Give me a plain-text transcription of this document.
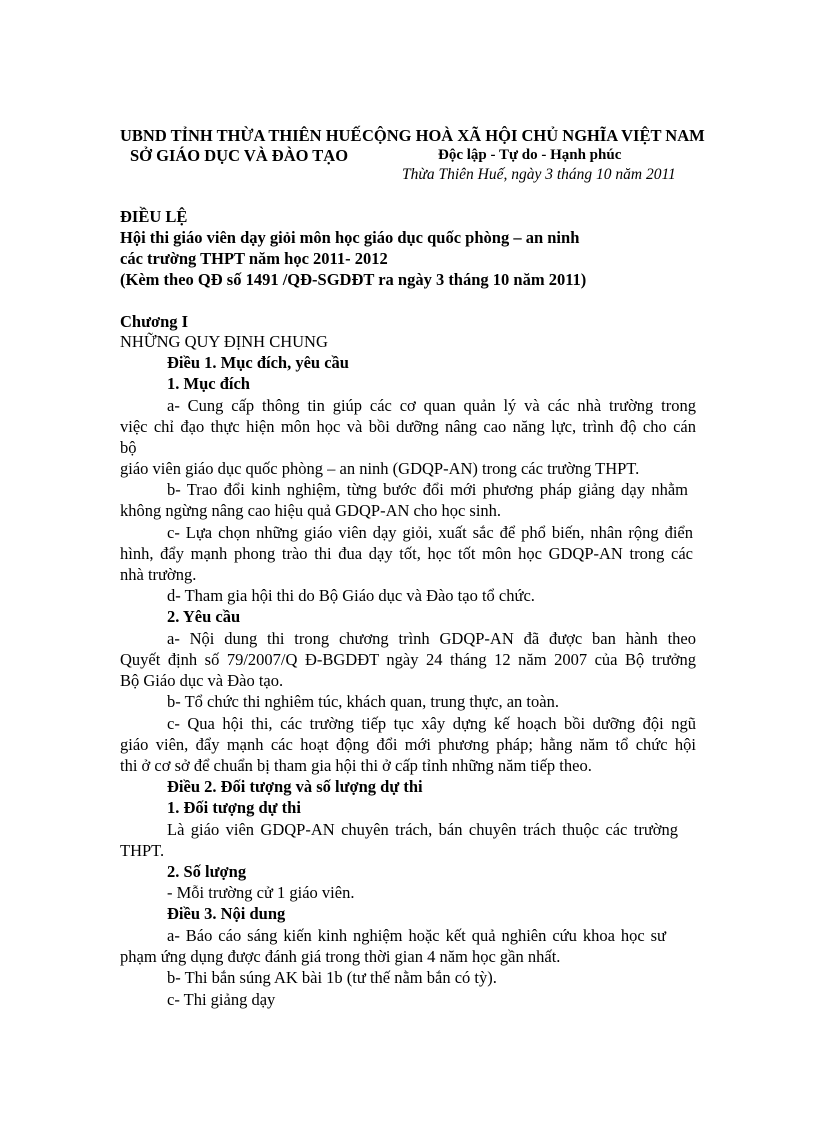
UBND TỈNH THỪA THIÊN HUẾ
SỞ GIÁO DỤC VÀ ĐÀO TẠO
CỘNG HOÀ XÃ HỘI CHỦ NGHĨA VIỆT NAM
Độc lập - Tự do - Hạnh phúc
Thừa Thiên Huế, ngày 3 tháng 10 năm 2011
ĐIỀU LỆ
Hội thi giáo viên dạy giỏi môn học giáo dục quốc phòng – an ninh
các trường THPT năm học 2011- 2012
(Kèm theo QĐ số 1491 /QĐ-SGDĐT ra ngày 3 tháng 10 năm 2011)
Chương I
NHỮNG QUY ĐỊNH CHUNG
Điều 1. Mục đích, yêu cầu
1. Mục đích
a- Cung cấp thông tin giúp các cơ quan quản lý và các nhà trường trong
việc chỉ đạo thực hiện môn học và bồi dưỡng nâng cao năng lực, trình độ cho cán
bộ
giáo viên giáo dục quốc phòng – an ninh (GDQP-AN) trong các trường THPT.
b- Trao đổi kinh nghiệm, từng bước đổi mới phương pháp giảng dạy nhằm
không ngừng nâng cao hiệu quả GDQP-AN cho học sinh.
c- Lựa chọn những giáo viên dạy giỏi, xuất sắc để phổ biến, nhân rộng điển
hình, đẩy mạnh phong trào thi đua dạy tốt, học tốt môn học GDQP-AN trong các
nhà trường.
d- Tham gia hội thi do Bộ Giáo dục và Đào tạo tổ chức.
2. Yêu cầu
a- Nội dung thi trong chương trình GDQP-AN đã được ban hành theo
Quyết định số 79/2007/Q Đ-BGDĐT ngày 24 tháng 12 năm 2007 của Bộ trưởng
Bộ Giáo dục và Đào tạo.
b- Tổ chức thi nghiêm túc, khách quan, trung thực, an toàn.
c- Qua hội thi, các trường tiếp tục xây dựng kế hoạch bồi dưỡng đội ngũ
giáo viên, đẩy mạnh các hoạt động đổi mới phương pháp; hằng năm tổ chức hội
thi ở cơ sở để chuẩn bị tham gia hội thi ở cấp tỉnh những năm tiếp theo.
Điều 2. Đối tượng và số lượng dự thi
1. Đối tượng dự thi
Là giáo viên GDQP-AN chuyên trách, bán chuyên trách thuộc các trường
THPT.
2. Số lượng
- Mỗi trường cử 1 giáo viên.
Điều 3. Nội dung
a- Báo cáo sáng kiến kinh nghiệm hoặc kết quả nghiên cứu khoa học sư
phạm ứng dụng được đánh giá trong thời gian 4 năm học gần nhất.
b- Thi bắn súng AK bài 1b (tư thế nằm bắn có tỳ).
c- Thi giảng dạy
